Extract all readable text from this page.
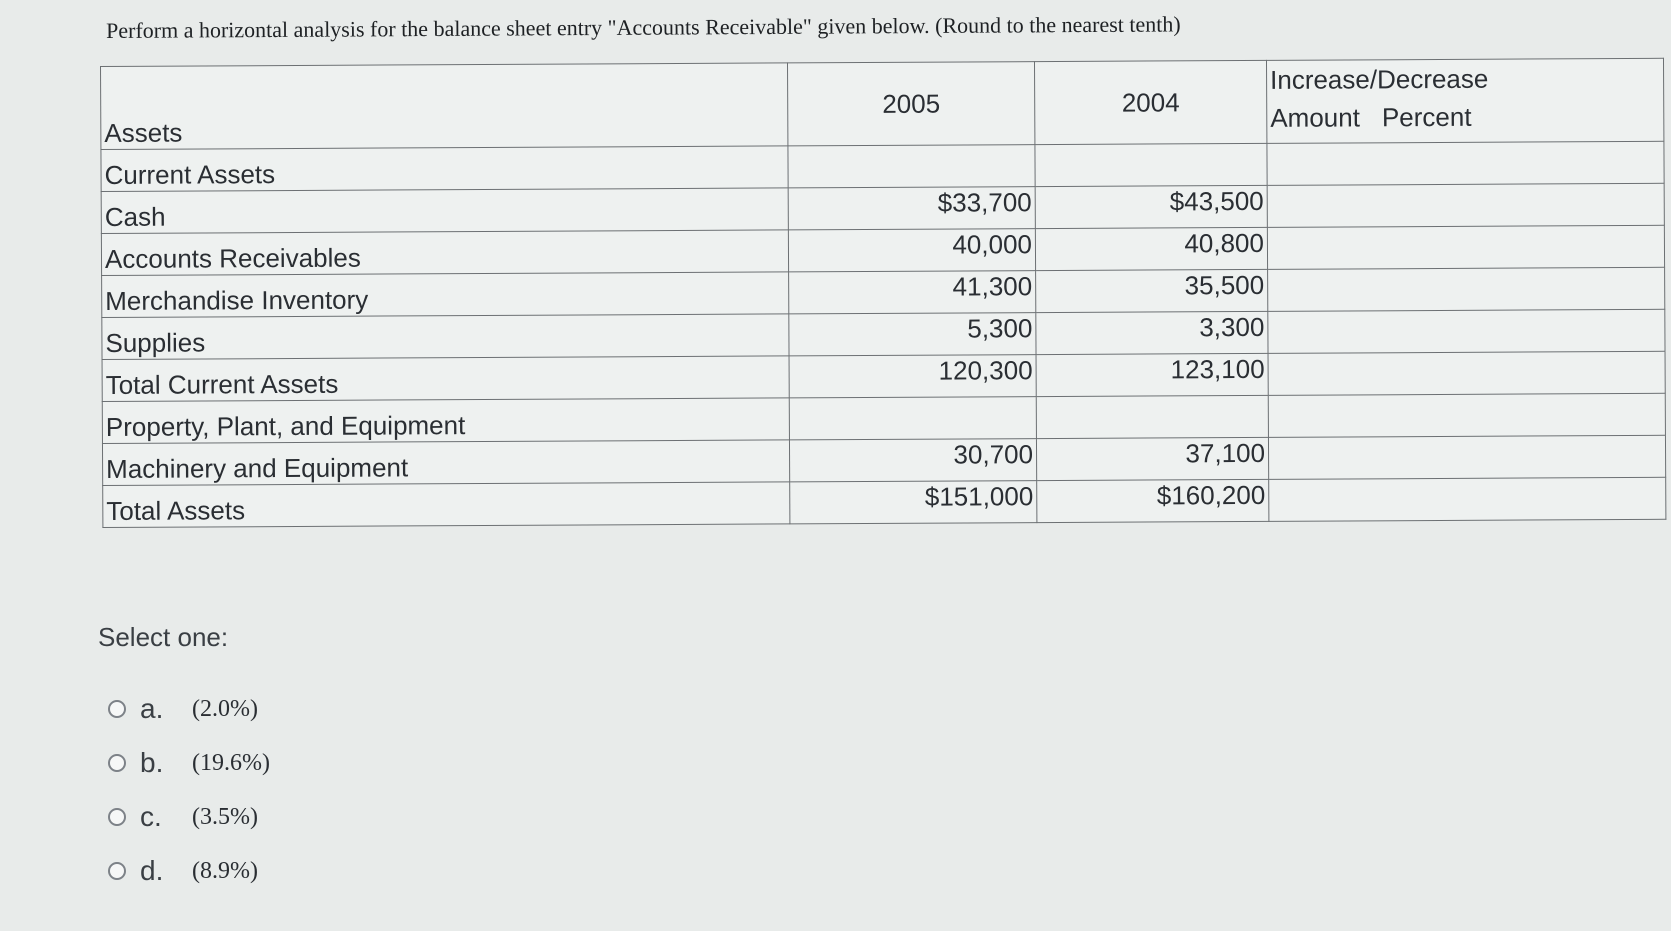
Perform a horizontal analysis for the balance sheet entry "Accounts Receivable" given below. (Round to the nearest tenth)
Assets	2005	2004	Increase/Decrease
Amount Percent

Current Assets			
Cash	$33,700	$43,500	
Accounts Receivables	40,000	40,800	
Merchandise Inventory	41,300	35,500	
Supplies	5,300	3,300	
Total Current Assets	120,300	123,100	
Property, Plant, and Equipment			
Machinery and Equipment	30,700	37,100	
Total Assets	$151,000	$160,200	
Select one:
a.	(2.0%)
b.	(19.6%)
c.	(3.5%)
d.	(8.9%)
